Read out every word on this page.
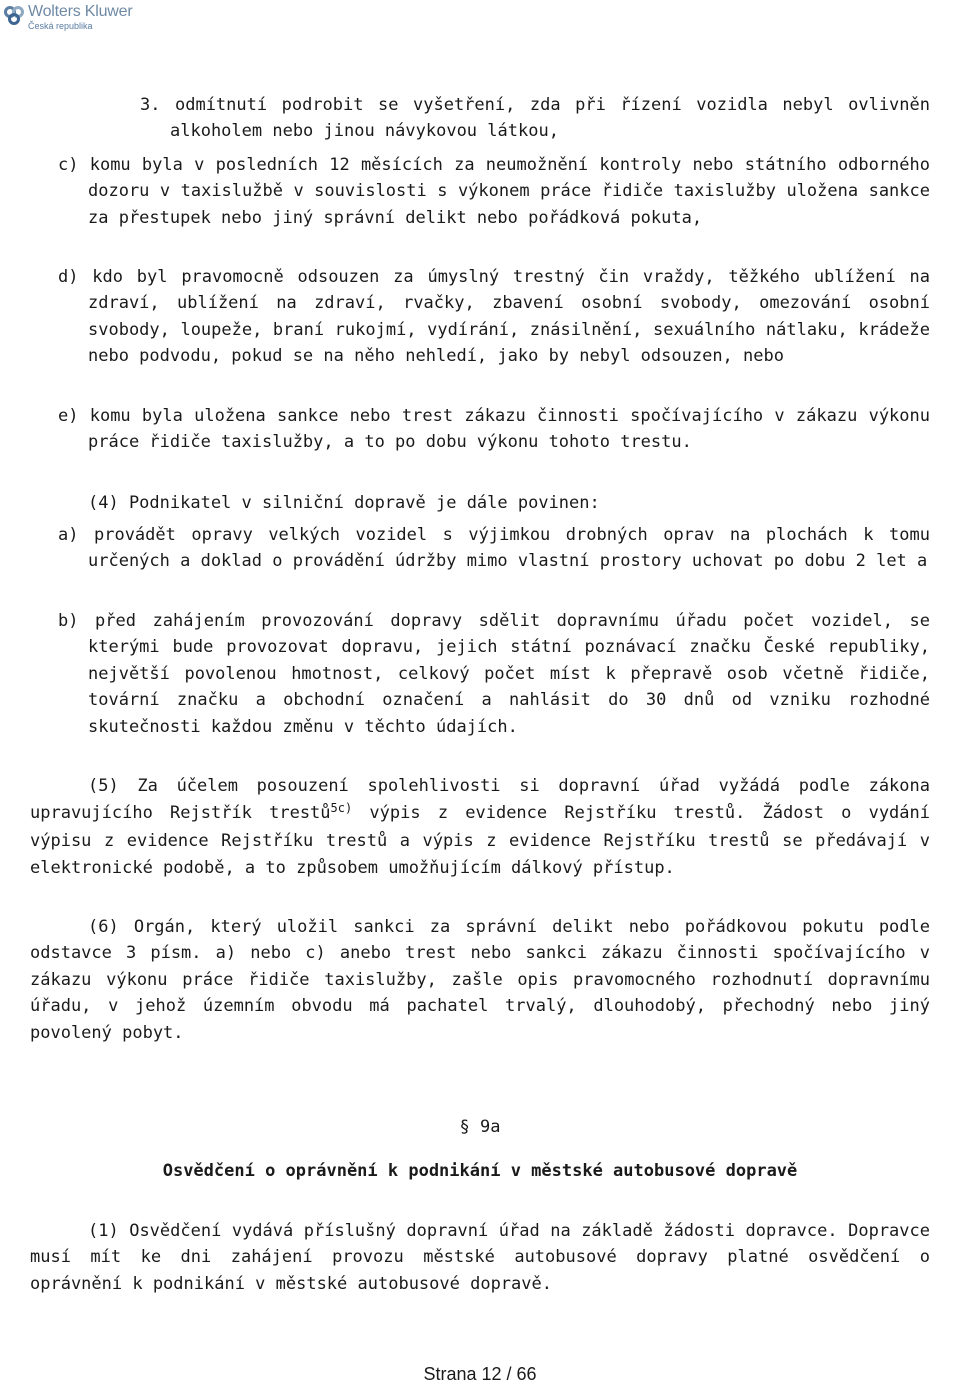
Wolters Kluwer
Česká republika
3. odmítnutí podrobit se vyšetření, zda při řízení vozidla nebyl ovlivněn alkoholem nebo jinou návykovou látkou,
c) komu byla v posledních 12 měsících za neumožnění kontroly nebo státního odborného dozoru v taxislužbě v souvislosti s výkonem práce řidiče taxislužby uložena sankce za přestupek nebo jiný správní delikt nebo pořádková pokuta,
d) kdo byl pravomocně odsouzen za úmyslný trestný čin vraždy, těžkého ublížení na zdraví, ublížení na zdraví, rvačky, zbavení osobní svobody, omezování osobní svobody, loupeže, braní rukojmí, vydírání, znásilnění, sexuálního nátlaku, krádeže nebo podvodu, pokud se na něho nehledí, jako by nebyl odsouzen, nebo
e) komu byla uložena sankce nebo trest zákazu činnosti spočívajícího v zákazu výkonu práce řidiče taxislužby, a to po dobu výkonu tohoto trestu.
(4) Podnikatel v silniční dopravě je dále povinen:
a) provádět opravy velkých vozidel s výjimkou drobných oprav na plochách k tomu určených a doklad o provádění údržby mimo vlastní prostory uchovat po dobu 2 let a
b) před zahájením provozování dopravy sdělit dopravnímu úřadu počet vozidel, se kterými bude provozovat dopravu, jejich státní poznávací značku České republiky, největší povolenou hmotnost, celkový počet míst k přepravě osob včetně řidiče, tovární značku a obchodní označení a nahlásit do 30 dnů od vzniku rozhodné skutečnosti každou změnu v těchto údajích.
(5) Za účelem posouzení spolehlivosti si dopravní úřad vyžádá podle zákona upravujícího Rejstřík trestů$^{5c)}$ výpis z evidence Rejstříku trestů. Žádost o vydání výpisu z evidence Rejstříku trestů a výpis z evidence Rejstříku trestů se předávají v elektronické podobě, a to způsobem umožňujícím dálkový přístup.
(6) Orgán, který uložil sankci za správní delikt nebo pořádkovou pokutu podle odstavce 3 písm. a) nebo c) anebo trest nebo sankci zákazu činnosti spočívajícího v zákazu výkonu práce řidiče taxislužby, zašle opis pravomocného rozhodnutí dopravnímu úřadu, v jehož územním obvodu má pachatel trvalý, dlouhodobý, přechodný nebo jiný povolený pobyt.
§ 9a
Osvědčení o oprávnění k podnikání v městské autobusové dopravě
(1) Osvědčení vydává příslušný dopravní úřad na základě žádosti dopravce. Dopravce musí mít ke dni zahájení provozu městské autobusové dopravy platné osvědčení o oprávnění k podnikání v městské autobusové dopravě.
Strana 12 / 66
